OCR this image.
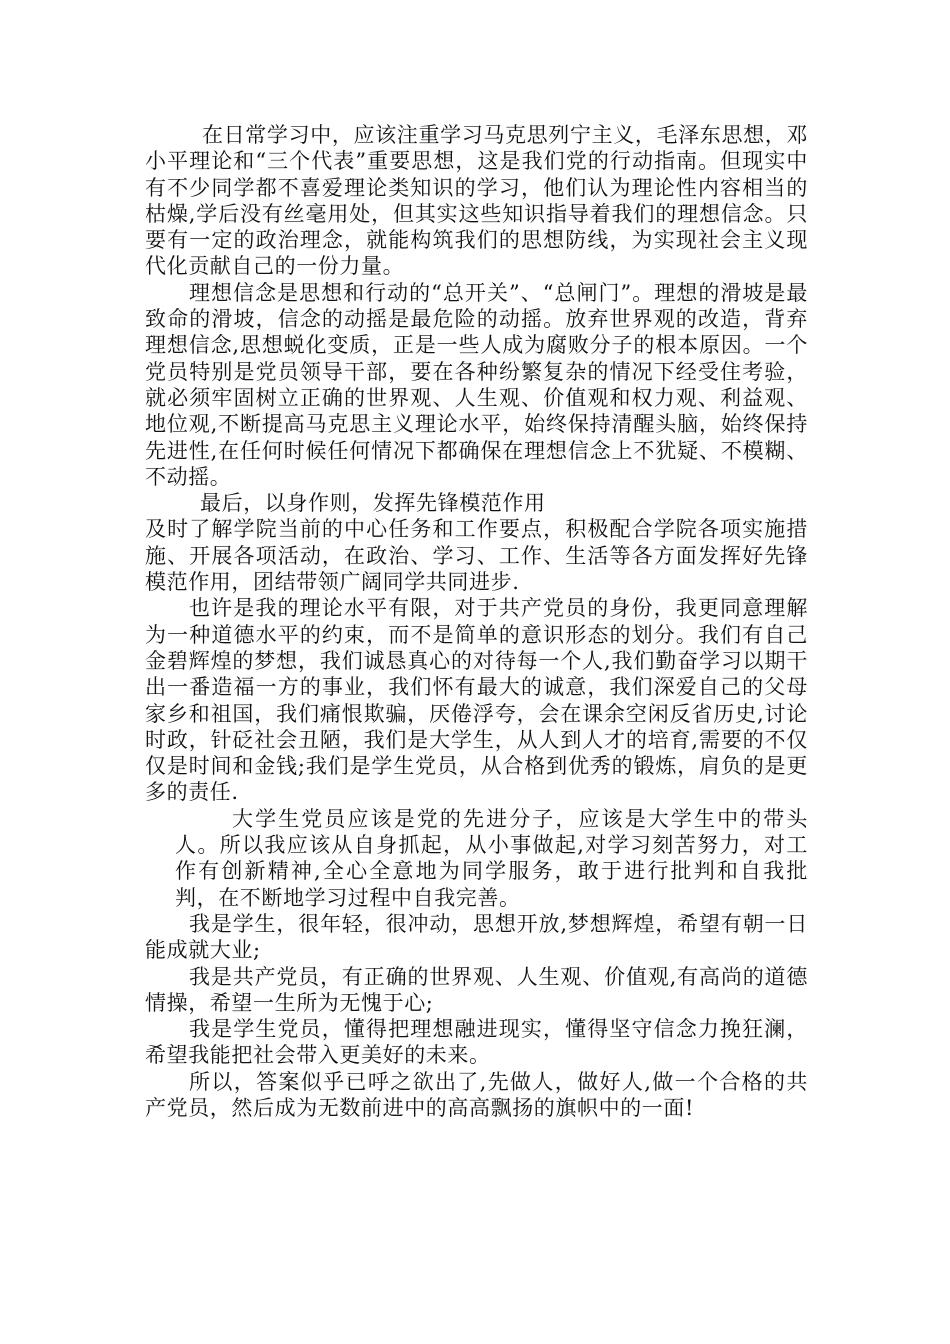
在日常学习中，应该注重学习马克思列宁主义，毛泽东思想，邓小平理论和“三个代表”重要思想，这是我们党的行动指南。但现实中有不少同学都不喜爱理论类知识的学习，他们认为理论性内容相当的枯燥,学后没有丝毫用处，但其实这些知识指导着我们的理想信念。只要有一定的政治理念，就能构筑我们的思想防线，为实现社会主义现代化贡献自己的一份力量。

理想信念是思想和行动的“总开关”、“总闸门”。理想的滑坡是最致命的滑坡，信念的动摇是最危险的动摇。放弃世界观的改造，背弃理想信念,思想蜕化变质，正是一些人成为腐败分子的根本原因。一个党员特别是党员领导干部，要在各种纷繁复杂的情况下经受住考验，就必须牢固树立正确的世界观、人生观、价值观和权力观、利益观、地位观,不断提高马克思主义理论水平，始终保持清醒头脑，始终保持先进性,在任何时候任何情况下都确保在理想信念上不犹疑、不模糊、不动摇。

最后，以身作则，发挥先锋模范作用

及时了解学院当前的中心任务和工作要点，积极配合学院各项实施措施、开展各项活动，在政治、学习、工作、生活等各方面发挥好先锋模范作用，团结带领广阔同学共同进步.

也许是我的理论水平有限，对于共产党员的身份，我更同意理解为一种道德水平的约束，而不是简单的意识形态的划分。我们有自己金碧辉煌的梦想，我们诚恳真心的对待每一个人,我们勤奋学习以期干出一番造福一方的事业，我们怀有最大的诚意，我们深爱自己的父母家乡和祖国，我们痛恨欺骗，厌倦浮夸，会在课余空闲反省历史,讨论时政，针砭社会丑陋，我们是大学生，从人到人才的培育,需要的不仅仅是时间和金钱;我们是学生党员，从合格到优秀的锻炼，肩负的是更多的责任.

大学生党员应该是党的先进分子，应该是大学生中的带头人。所以我应该从自身抓起，从小事做起,对学习刻苦努力，对工作有创新精神,全心全意地为同学服务，敢于进行批判和自我批判，在不断地学习过程中自我完善。

我是学生，很年轻，很冲动，思想开放,梦想辉煌，希望有朝一日能成就大业;

我是共产党员，有正确的世界观、人生观、价值观,有高尚的道德情操，希望一生所为无愧于心;

我是学生党员，懂得把理想融进现实，懂得坚守信念力挽狂澜，希望我能把社会带入更美好的未来。

所以，答案似乎已呼之欲出了,先做人，做好人,做一个合格的共产党员，然后成为无数前进中的高高飘扬的旗帜中的一面!
